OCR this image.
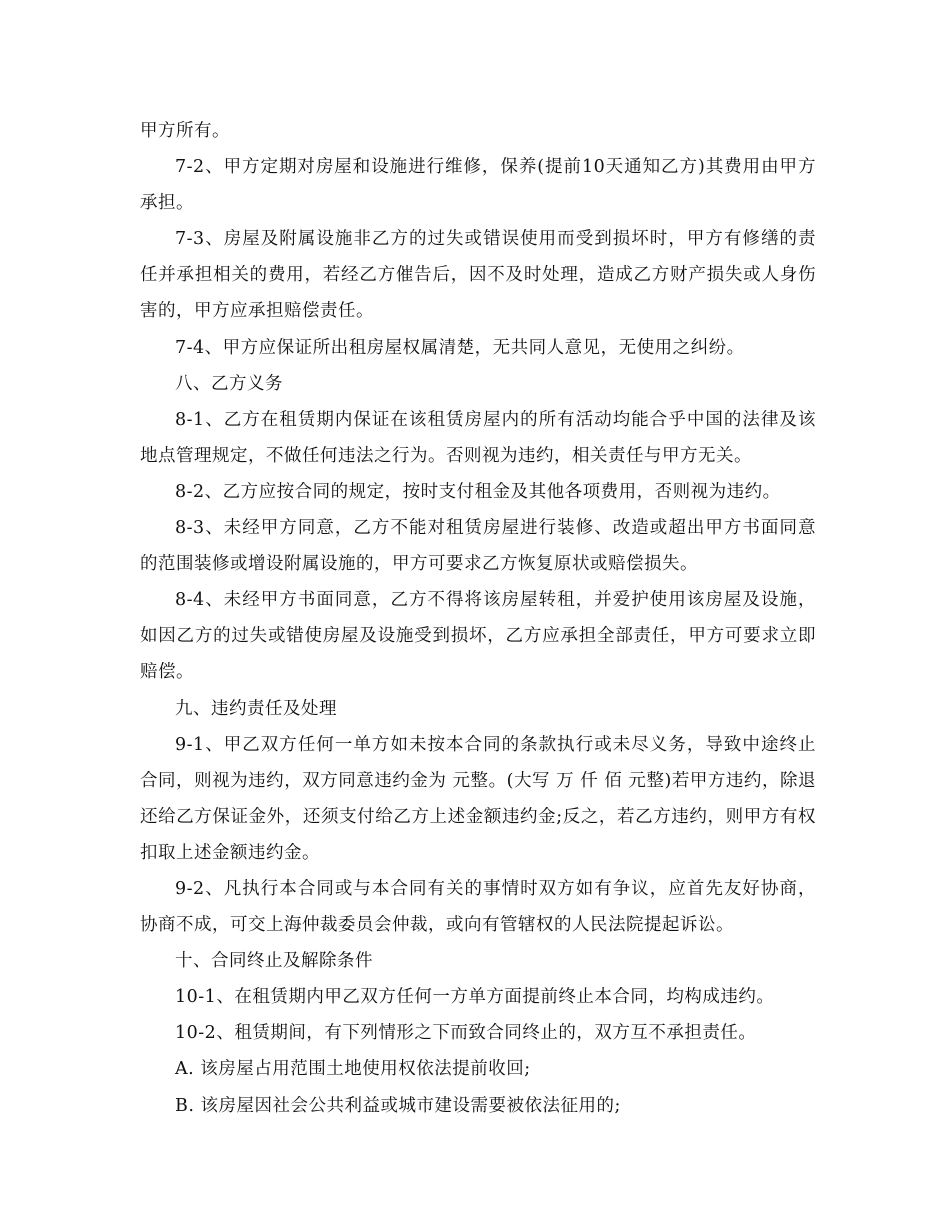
甲方所有。

7-2、甲方定期对房屋和设施进行维修，保养(提前10天通知乙方)其费用由甲方承担。

7-3、房屋及附属设施非乙方的过失或错误使用而受到损坏时，甲方有修缮的责任并承担相关的费用，若经乙方催告后，因不及时处理，造成乙方财产损失或人身伤害的，甲方应承担赔偿责任。

7-4、甲方应保证所出租房屋权属清楚，无共同人意见，无使用之纠纷。

八、乙方义务

8-1、乙方在租赁期内保证在该租赁房屋内的所有活动均能合乎中国的法律及该地点管理规定，不做任何违法之行为。否则视为违约，相关责任与甲方无关。

8-2、乙方应按合同的规定，按时支付租金及其他各项费用，否则视为违约。

8-3、未经甲方同意，乙方不能对租赁房屋进行装修、改造或超出甲方书面同意的范围装修或增设附属设施的，甲方可要求乙方恢复原状或赔偿损失。

8-4、未经甲方书面同意，乙方不得将该房屋转租，并爱护使用该房屋及设施，如因乙方的过失或错使房屋及设施受到损坏，乙方应承担全部责任，甲方可要求立即赔偿。

九、违约责任及处理

9-1、甲乙双方任何一单方如未按本合同的条款执行或未尽义务，导致中途终止合同，则视为违约，双方同意违约金为 元整。(大写 万 仟 佰 元整)若甲方违约，除退还给乙方保证金外，还须支付给乙方上述金额违约金;反之，若乙方违约，则甲方有权扣取上述金额违约金。

9-2、凡执行本合同或与本合同有关的事情时双方如有争议，应首先友好协商，协商不成，可交上海仲裁委员会仲裁，或向有管辖权的人民法院提起诉讼。

十、合同终止及解除条件

10-1、在租赁期内甲乙双方任何一方单方面提前终止本合同，均构成违约。

10-2、租赁期间，有下列情形之下而致合同终止的，双方互不承担责任。

A. 该房屋占用范围土地使用权依法提前收回;

B. 该房屋因社会公共利益或城市建设需要被依法征用的;
